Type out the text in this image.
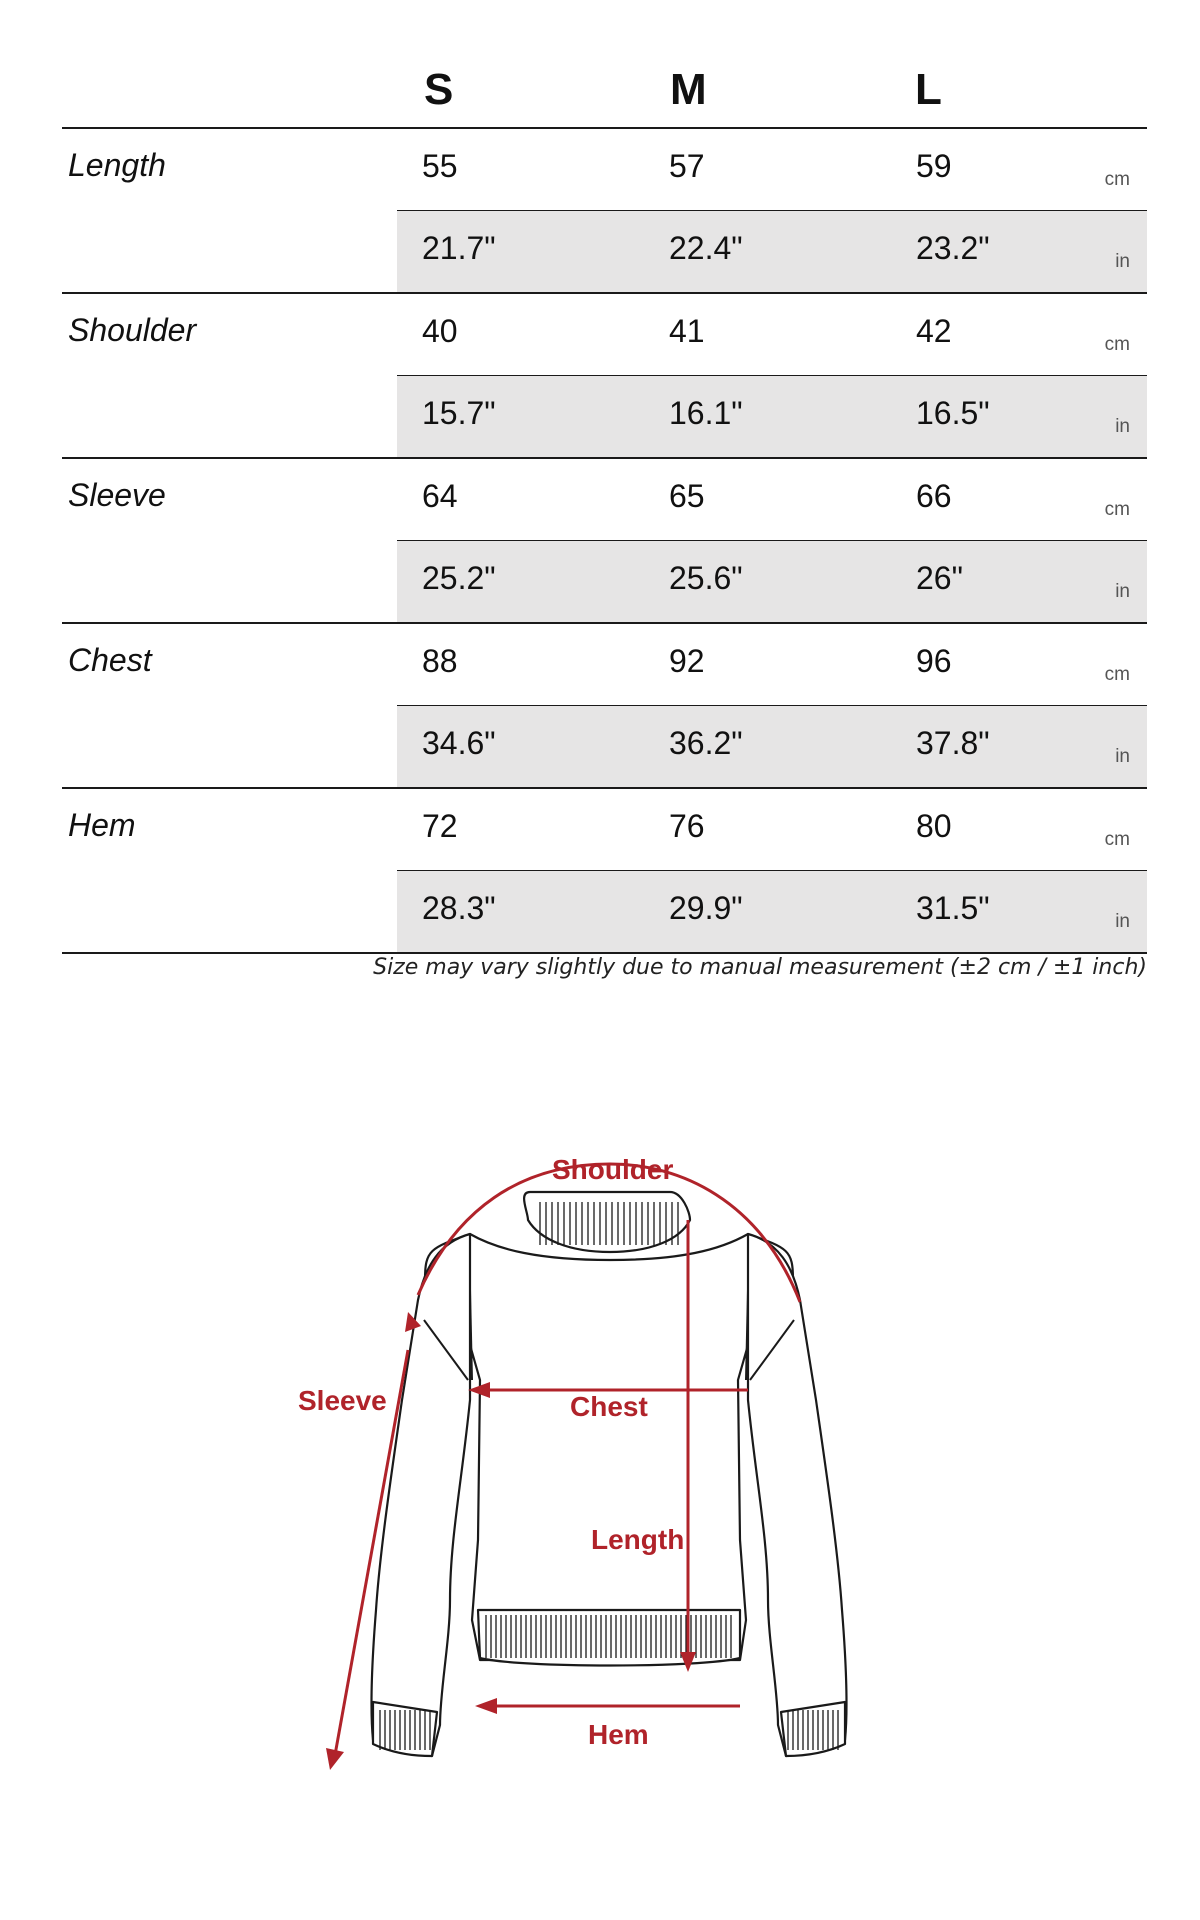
S	M	L
Length	55	57	59	cm
21.7"	22.4"	23.2"	in
Shoulder	40	41	42	cm
15.7"	16.1"	16.5"	in
Sleeve	64	65	66	cm
25.2"	25.6"	26"	in
Chest	88	92	96	cm
34.6"	36.2"	37.8"	in
Hem	72	76	80	cm
28.3"	29.9"	31.5"	in
Size may vary slightly due to manual measurement (±2 cm / ±1 inch)
Shoulder
Sleeve	Chest
Length
Hem
